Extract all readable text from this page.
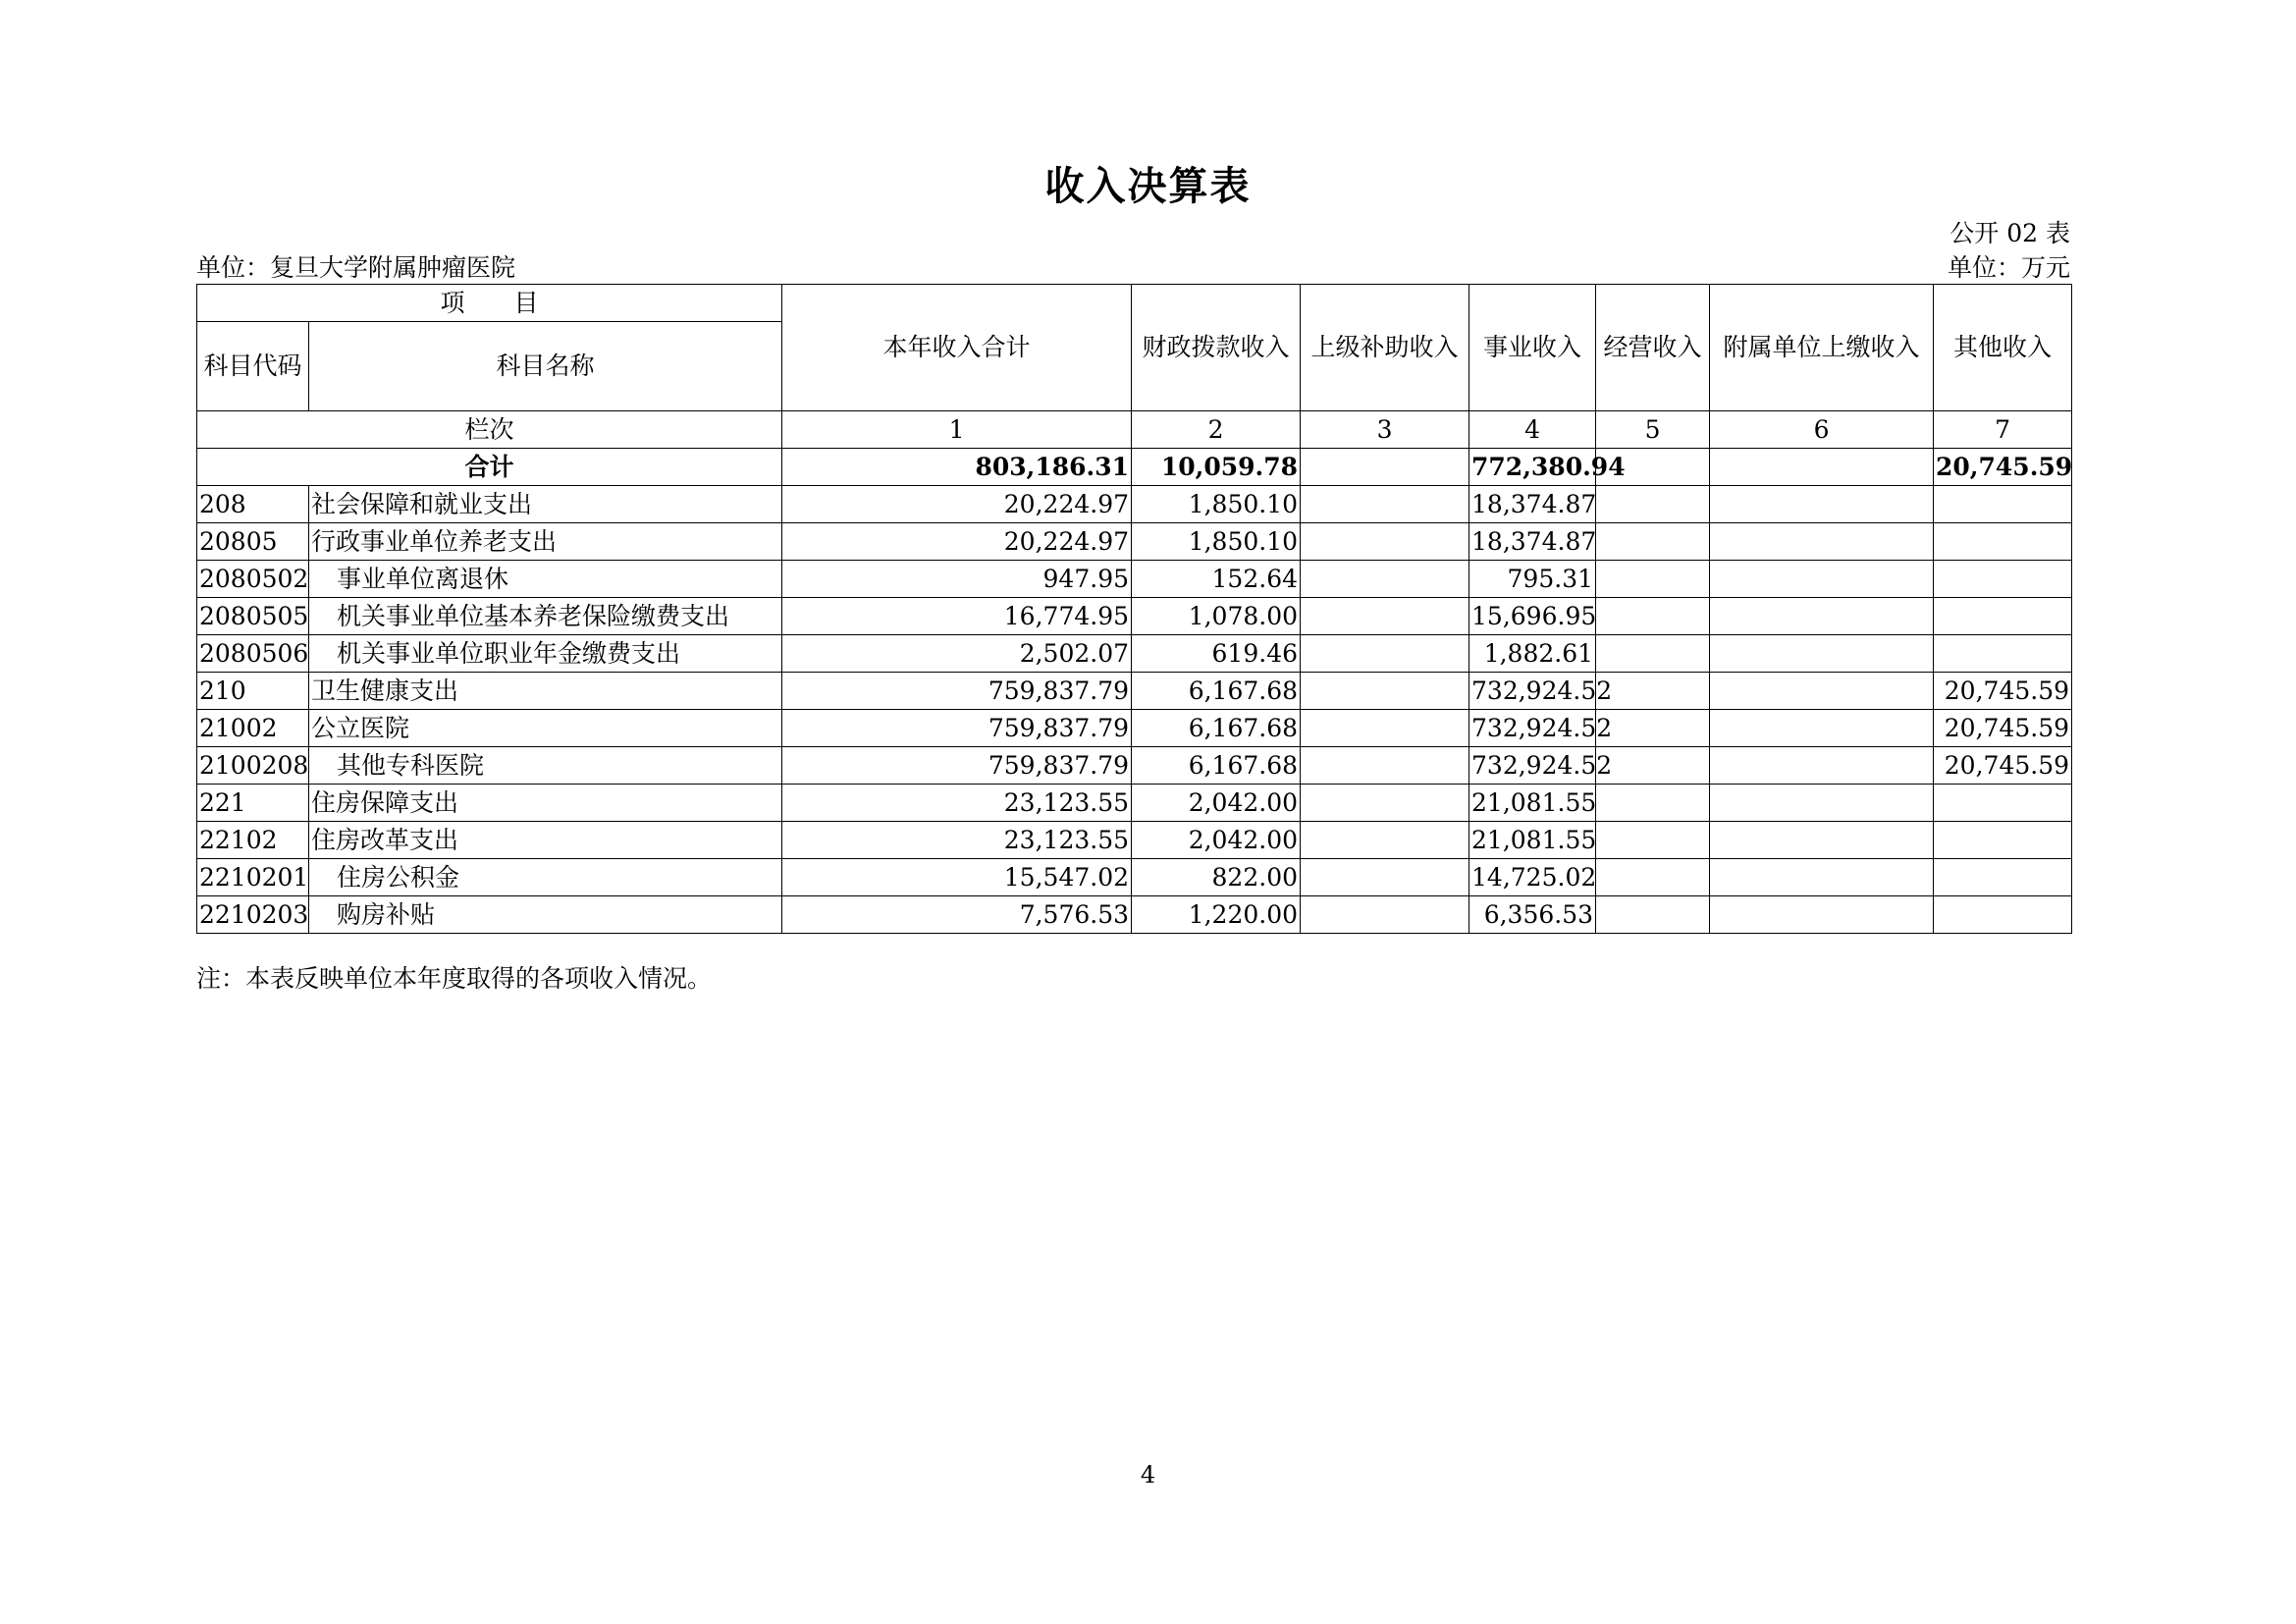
收入决算表
公开 02 表
单位：复旦大学附属肿瘤医院	单位：万元
项　　目		本年收入合计	财政拨款收入	上级补助收入	事业收入	经营收入	附属单位上缴收入	其他收入
科目代码	科目名称							
栏次		1	2	3	4	5	6	7
合计		803,186.31	10,059.78		772,380.94			20,745.59
208	社会保障和就业支出	20,224.97	1,850.10		18,374.87			
20805	行政事业单位养老支出	20,224.97	1,850.10		18,374.87			
2080502	事业单位离退休	947.95	152.64		795.31			
2080505	机关事业单位基本养老保险缴费支出	16,774.95	1,078.00		15,696.95			
2080506	机关事业单位职业年金缴费支出	2,502.07	619.46		1,882.61			
210	卫生健康支出	759,837.79	6,167.68		732,924.52			20,745.59
21002	公立医院	759,837.79	6,167.68		732,924.52			20,745.59
2100208	其他专科医院	759,837.79	6,167.68		732,924.52			20,745.59
221	住房保障支出	23,123.55	2,042.00		21,081.55			
22102	住房改革支出	23,123.55	2,042.00		21,081.55			
2210201	住房公积金	15,547.02	822.00		14,725.02			
2210203	购房补贴	7,576.53	1,220.00		6,356.53			
注：本表反映单位本年度取得的各项收入情况。
4
